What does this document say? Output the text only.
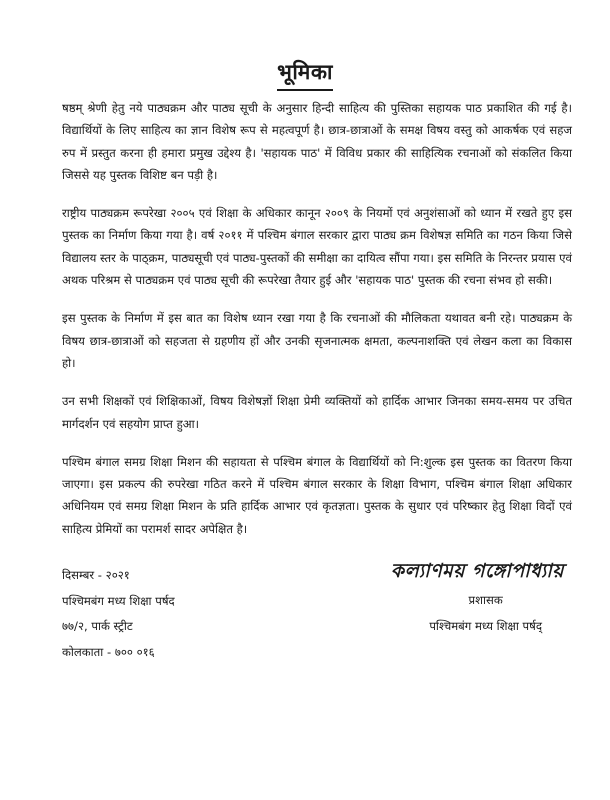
भूमिका

षष्ठम् श्रेणी हेतु नये पाठ्यक्रम और पाठ्य सूची के अनुसार हिन्दी साहित्य की पुस्तिका सहायक पाठ प्रकाशित की गई है। विद्यार्थियों के लिए साहित्य का ज्ञान विशेष रूप से महत्वपूर्ण है। छात्र-छात्राओं के समक्ष विषय वस्तु को आकर्षक एवं सहज रुप में प्रस्तुत करना ही हमारा प्रमुख उद्देश्य है। 'सहायक पाठ' में विविध प्रकार की साहित्यिक रचनाओं को संकलित किया जिससे यह पुस्तक विशिष्ट बन पड़ी है।

राष्ट्रीय पाठ्यक्रम रूपरेखा २००५ एवं शिक्षा के अधिकार कानून २००९ के नियमों एवं अनुशंसाओं को ध्यान में रखते हुए इस पुस्तक का निर्माण किया गया है। वर्ष २०११ में पश्चिम बंगाल सरकार द्वारा पाठ्य क्रम विशेषज्ञ समिति का गठन किया जिसे विद्यालय स्तर के पाठ्क्रम, पाठ्यसूची एवं पाठ्य-पुस्तकों की समीक्षा का दायित्व सौंपा गया। इस समिति के निरन्तर प्रयास एवं अथक परिश्रम से पाठ्यक्रम एवं पाठ्य सूची की रूपरेखा तैयार हुई और 'सहायक पाठ' पुस्तक की रचना संभव हो सकी।

इस पुस्तक के निर्माण में इस बात का विशेष ध्यान रखा गया है कि रचनाओं की मौलिकता यथावत बनी रहे। पाठ्यक्रम के विषय छात्र-छात्राओं को सहजता से ग्रहणीय हों और उनकी सृजनात्मक क्षमता, कल्पनाशक्ति एवं लेखन कला का विकास हो।

उन सभी शिक्षकों एवं शिक्षिकाओं, विषय विशेषज्ञों शिक्षा प्रेमी व्यक्तियों को हार्दिक आभार जिनका समय-समय पर उचित मार्गदर्शन एवं सहयोग प्राप्त हुआ।

पश्चिम बंगाल समग्र शिक्षा मिशन की सहायता से पश्चिम बंगाल के विद्यार्थियों को नि:शुल्क इस पुस्तक का वितरण किया जाएगा। इस प्रकल्प की रुपरेखा गठित करने में पश्चिम बंगाल सरकार के शिक्षा विभाग, पश्चिम बंगाल शिक्षा अधिकार अधिनियम एवं समग्र शिक्षा मिशन के प्रति हार्दिक आभार एवं कृतज्ञता। पुस्तक के सुधार एवं परिष्कार हेतु शिक्षा विदों एवं साहित्य प्रेमियों का परामर्श सादर अपेक्षित है।

दिसम्बर - २०२१
पश्चिमबंग मध्य शिक्षा पर्षद
७७/२, पार्क स्ट्रीट
कोलकाता - ७०० ०१६
কল্যাণময় গঙ্গোপাধ্যায়
प्रशासक
पश्चिमबंग मध्य शिक्षा पर्षद्
